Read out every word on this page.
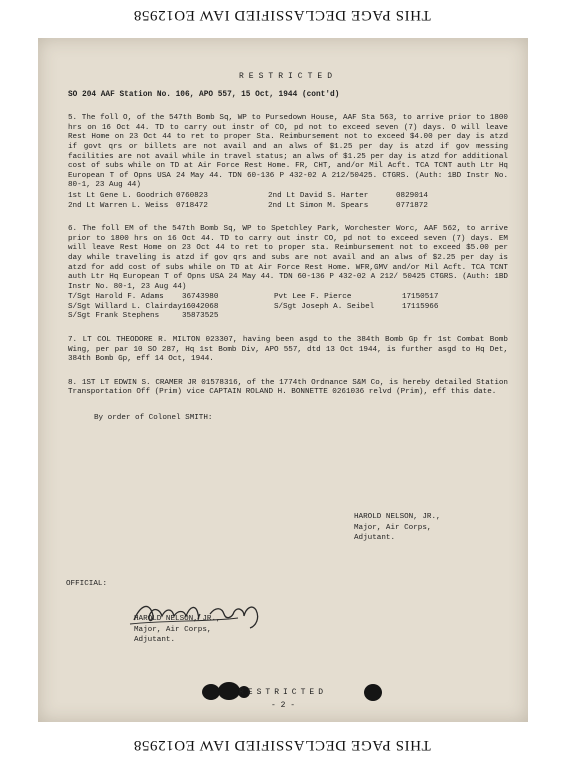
THIS PAGE DECLASSIFIED IAW EO12958
RESTRICTED
SO 204 AAF Station No. 106, APO 557, 15 Oct, 1944 (cont'd)
5. The foll O, of the 547th Bomb Sq, WP to Pursedown House, AAF Sta 563, to arrive prior to 1800 hrs on 16 Oct 44. TD to carry out instr of CO, pd not to exceed seven (7) days. O will leave Rest Home on 23 Oct 44 to ret to proper Sta. Reimbursement not to exceed $4.00 per day is atzd if govt qrs or billets are not avail and an alws of $1.25 per day is atzd if gov messing facilities are not avail while in travel status; an alws of $1.25 per day is atzd for additional cost of subs while on TD at Air Force Rest Home. FR, CHT, and/or Mil Acft. TCA TCNT auth Ltr Hq European T of Opns USA 24 May 44. TDN 60-136 P 432-02 A 212/50425. CTGRS. (Auth: 1BD Instr No. 80-1, 23 Aug 44)
1st Lt Gene L. Goodrich	0760823	2nd Lt David S. Harter	0829014
2nd Lt Warren L. Weiss	0718472	2nd Lt Simon M. Spears	0771872
6. The foll EM of the 547th Bomb Sq, WP to Spetchley Park, Worchester Worc, AAF 562, to arrive prior to 1800 hrs on 16 Oct 44. TD to carry out instr CO, pd not to exceed seven (7) days. EM will leave Rest Home on 23 Oct 44 to ret to proper sta. Reimbursement not to exceed $5.00 per day while traveling is atzd if gov qrs and subs are not avail and an alws of $2.25 per day is atzd for add cost of subs while on TD at Air Force Rest Home. WFR,GMV and/or Mil Acft. TCA TCNT auth Ltr Hq European T of Opns USA 24 May 44. TDN 60-136 P 432-02 A 212/ 50425 CTGRS. (Auth: 1BD Instr No. 80-1, 23 Aug 44)
T/Sgt Harold F. Adams	36743980	Pvt Lee F. Pierce	17150517
S/Sgt Willard L. Clairday	16042068	S/Sgt Joseph A. Seibel	17115966
S/Sgt Frank Stephens	35873525		
7. LT COL THEODORE R. MILTON 023307, having been asgd to the 384th Bomb Gp fr 1st Combat Bomb Wing, per par 10 SO 287, Hq 1st Bomb Div, APO 557, dtd 13 Oct 1944, is further asgd to Hq Det, 384th Bomb Gp, eff 14 Oct, 1944.
8. 1ST LT EDWIN S. CRAMER JR 01578316, of the 1774th Ordnance S&M Co, is hereby detailed Station Transportation Off (Prim) vice CAPTAIN ROLAND H. BONNETTE 0261036 relvd (Prim), eff this date.
By order of Colonel SMITH:
HAROLD NELSON, JR.,
Major, Air Corps,
Adjutant.
OFFICIAL:
HAROLD NELSON, JR.,
Major, Air Corps,
Adjutant.
RESTRICTED
- 2 -
THIS PAGE DECLASSIFIED IAW EO12958
